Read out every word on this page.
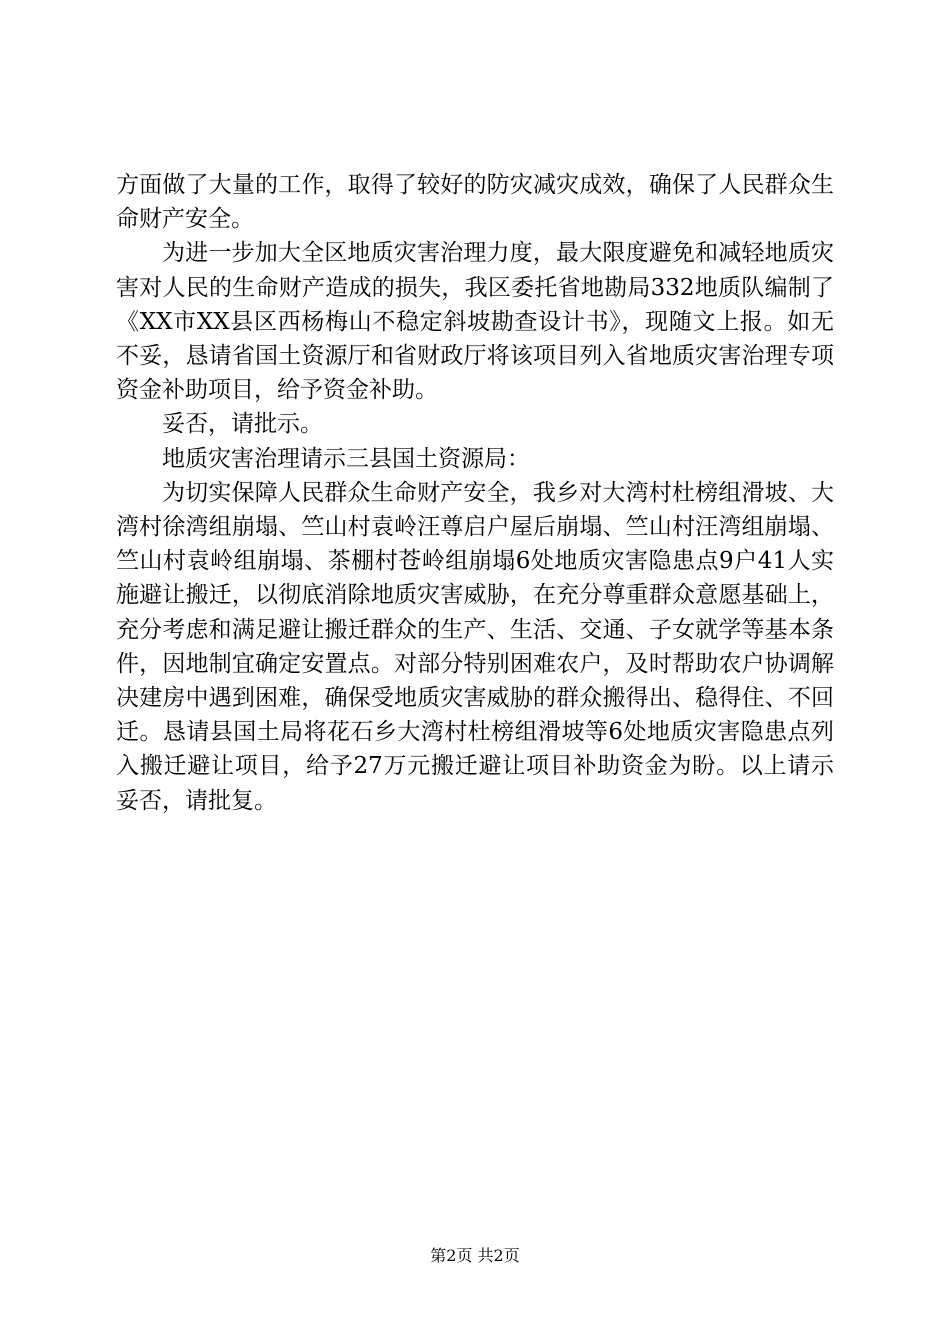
方面做了大量的工作，取得了较好的防灾减灾成效，确保了人民群众生命财产安全。

为进一步加大全区地质灾害治理力度，最大限度避免和减轻地质灾害对人民的生命财产造成的损失，我区委托省地勘局332地质队编制了《XX市XX县区西杨梅山不稳定斜坡勘查设计书》，现随文上报。如无不妥，恳请省国土资源厅和省财政厅将该项目列入省地质灾害治理专项资金补助项目，给予资金补助。

妥否，请批示。

地质灾害治理请示三县国土资源局：

为切实保障人民群众生命财产安全，我乡对大湾村杜榜组滑坡、大湾村徐湾组崩塌、竺山村袁岭汪尊启户屋后崩塌、竺山村汪湾组崩塌、竺山村袁岭组崩塌、茶棚村苍岭组崩塌6处地质灾害隐患点9户41人实施避让搬迁，以彻底消除地质灾害威胁，在充分尊重群众意愿基础上，充分考虑和满足避让搬迁群众的生产、生活、交通、子女就学等基本条件，因地制宜确定安置点。对部分特别困难农户，及时帮助农户协调解决建房中遇到困难，确保受地质灾害威胁的群众搬得出、稳得住、不回迁。恳请县国土局将花石乡大湾村杜榜组滑坡等6处地质灾害隐患点列入搬迁避让项目，给予27万元搬迁避让项目补助资金为盼。以上请示妥否，请批复。

第2页 共2页
